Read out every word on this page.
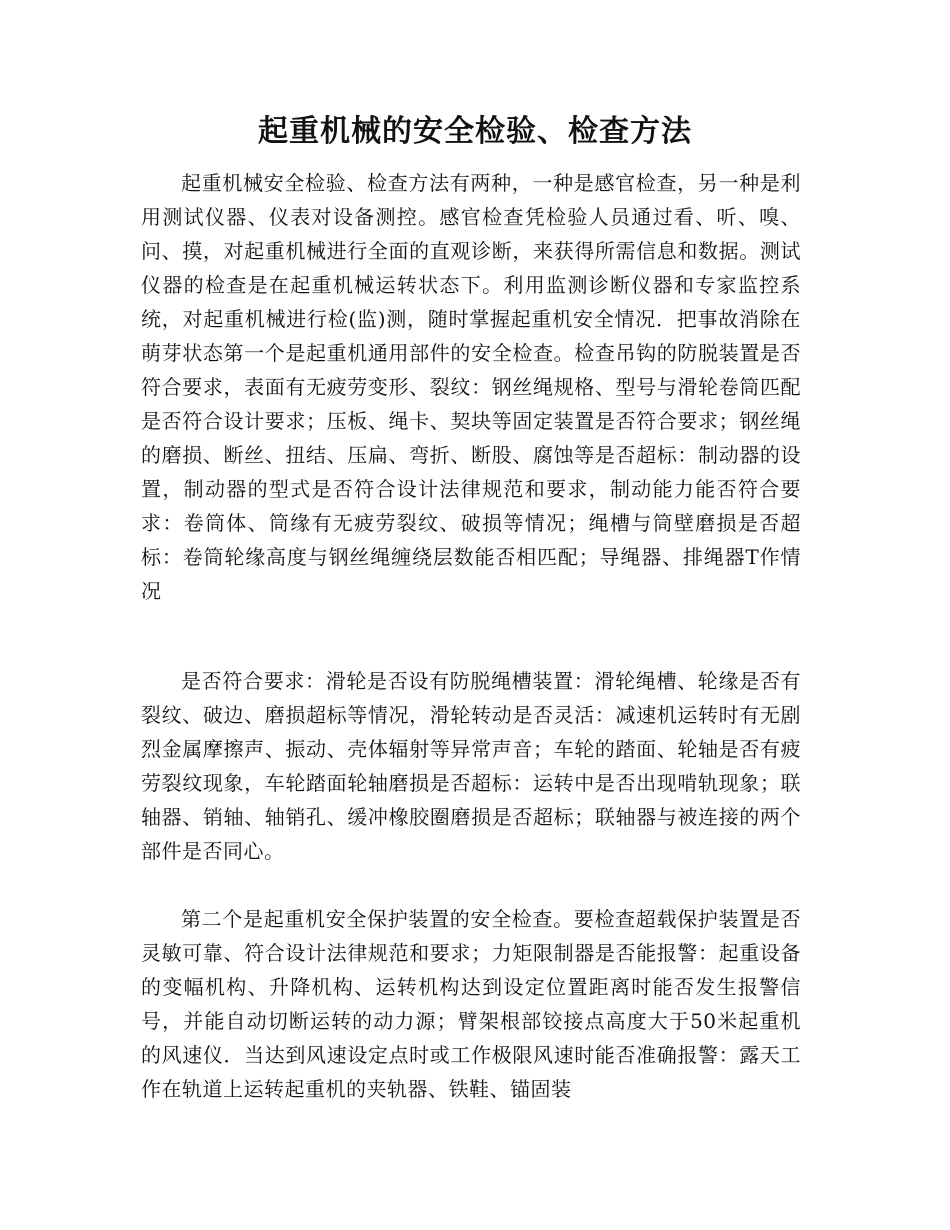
起重机械的安全检验、检查方法

起重机械安全检验、检查方法有两种，一种是感官检查，另一种是利用测试仪器、仪表对设备测控。感官检查凭检验人员通过看、听、嗅、问、摸，对起重机械进行全面的直观诊断，来获得所需信息和数据。测试仪器的检查是在起重机械运转状态下。利用监测诊断仪器和专家监控系统，对起重机械进行检(监)测，随时掌握起重机安全情况．把事故消除在萌芽状态第一个是起重机通用部件的安全检查。检查吊钩的防脱装置是否符合要求，表面有无疲劳变形、裂纹：钢丝绳规格、型号与滑轮卷筒匹配是否符合设计要求；压板、绳卡、契块等固定装置是否符合要求；钢丝绳的磨损、断丝、扭结、压扁、弯折、断股、腐蚀等是否超标：制动器的设置，制动器的型式是否符合设计法律规范和要求，制动能力能否符合要求：卷筒体、筒缘有无疲劳裂纹、破损等情况；绳槽与筒壁磨损是否超标：卷筒轮缘高度与钢丝绳缠绕层数能否相匹配；导绳器、排绳器T作情况

是否符合要求：滑轮是否设有防脱绳槽装置：滑轮绳槽、轮缘是否有裂纹、破边、磨损超标等情况，滑轮转动是否灵活：减速机运转时有无剧烈金属摩擦声、振动、壳体辐射等异常声音；车轮的踏面、轮轴是否有疲劳裂纹现象，车轮踏面轮轴磨损是否超标：运转中是否出现啃轨现象；联轴器、销轴、轴销孔、缓冲橡胶圈磨损是否超标；联轴器与被连接的两个部件是否同心。

第二个是起重机安全保护装置的安全检查。要检查超载保护装置是否灵敏可靠、符合设计法律规范和要求；力矩限制器是否能报警：起重设备的变幅机构、升降机构、运转机构达到设定位置距离时能否发生报警信号，并能自动切断运转的动力源；臂架根部铰接点高度大于50米起重机的风速仪．当达到风速设定点时或工作极限风速时能否准确报警：露天工作在轨道上运转起重机的夹轨器、铁鞋、锚固装
